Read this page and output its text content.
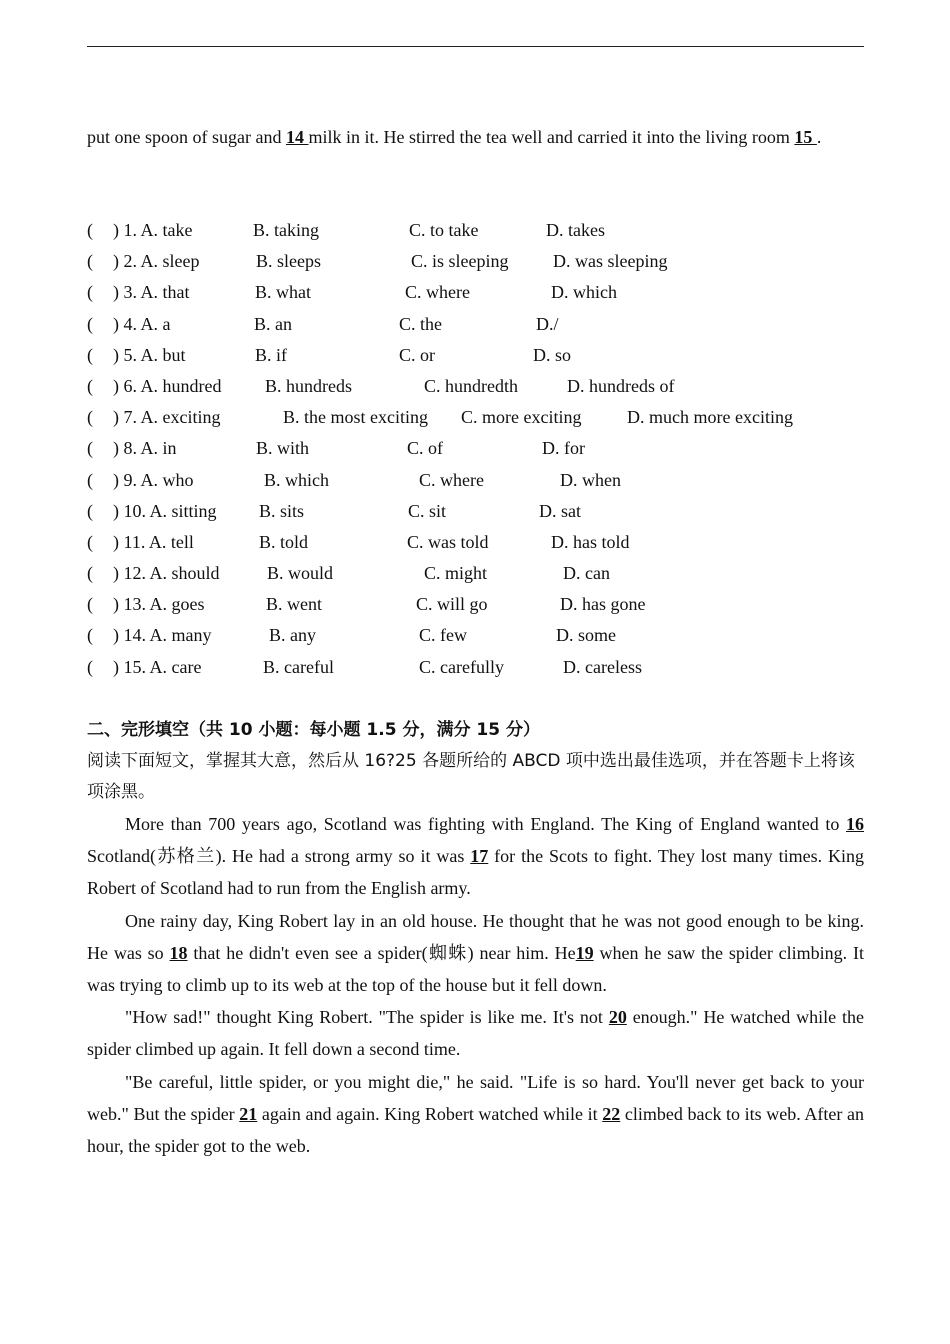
put one spoon of sugar and 14 milk in it. He stirred the tea well and carried it into the living room 15 .
( ) 1. A. take	B. taking	C. to take	D. takes
( ) 2. A. sleep	B. sleeps	C. is sleeping D. was sleeping
( ) 3. A. that	B. what	C. where	D. which
( ) 4. A. a	B. an	C. the	D./
( ) 5. A. but	B. if	C. or	D. so
( ) 6. A. hundred B. hundreds	C. hundredth	D. hundreds of
( ) 7. A. exciting	B. the most exciting C. more exciting	D. much more exciting
( ) 8. A. in	B. with	C. of	D. for
( ) 9. A. who	B. which	C. where	D. when
( ) 10. A. sitting B. sits	C. sit	D. sat
( ) 11. A. tell	B. told	C. was told	D. has told
( ) 12. A. should	B. would	C. might	D. can
( ) 13. A. goes	B. went	C. will go	D. has gone
( ) 14. A. many	B. any	C. few	D. some
( ) 15. A. care	B. careful	C. carefully	D. careless
二、完形填空（共 10 小题：每小题 1.5 分，满分 15 分）
阅读下面短文，掌握其大意，然后从 16?25 各题所给的 ABCD 项中选出最佳选项，并在答题卡上将该项涂黑。

More than 700 years ago, Scotland was fighting with England. The King of England wanted to 16 Scotland(苏格兰). He had a strong army so it was 17 for the Scots to fight. They lost many times. King Robert of Scotland had to run from the English army.

One rainy day, King Robert lay in an old house. He thought that he was not good enough to be king. He was so 18 that he didn't even see a spider(蜘蛛) near him. He19 when he saw the spider climbing. It was trying to climb up to its web at the top of the house but it fell down.

"How sad!" thought King Robert. "The spider is like me. It's not 20 enough." He watched while the spider climbed up again. It fell down a second time.

"Be careful, little spider, or you might die," he said. "Life is so hard. You'll never get back to your web." But the spider 21 again and again. King Robert watched while it 22 climbed back to its web. After an hour, the spider got to the web.
